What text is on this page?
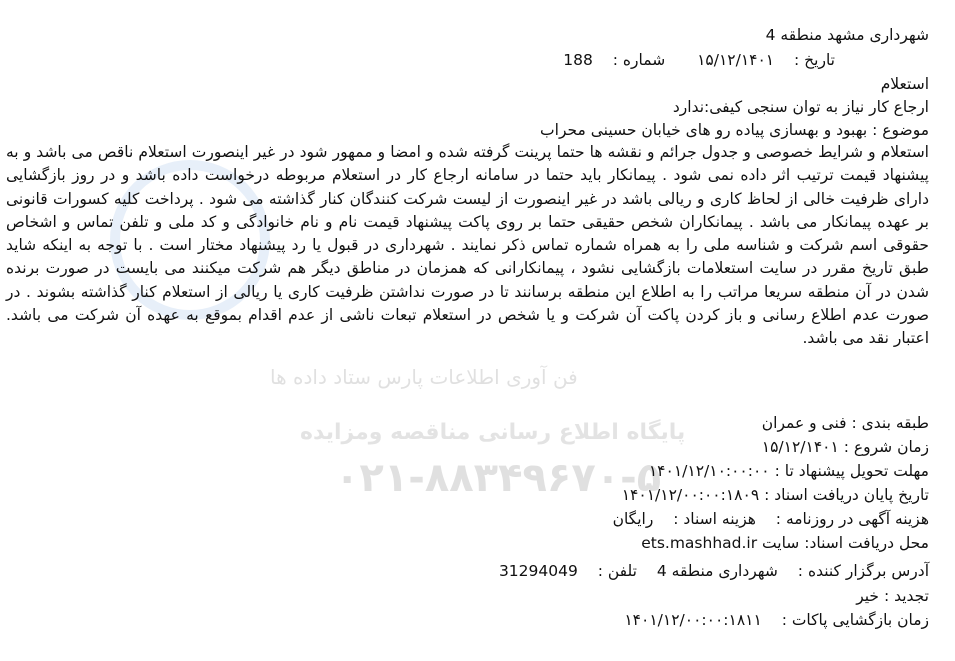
فن آوری اطلاعات پارس ستاد داده ها
پایگاه اطلاع رسانی مناقصه ومزایده
۰۲۱-۸۸۳۴۹۶۷۰-۵
شهرداری مشهد منطقه 4
تاریخ :  ۱۵/۱۲/۱۴۰۱  شماره :  188
استعلام
ارجاع کار نیاز به توان سنجی کیفی:ندارد
موضوع : بهبود و بهسازی پیاده رو های خیابان حسینی محراب
استعلام و شرایط خصوصی و جدول جرائم و نقشه ها حتما پرینت گرفته شده و امضا و ممهور شود در غیر اینصورت استعلام ناقص می باشد و به پیشنهاد قیمت ترتیب اثر داده نمی شود . پیمانکار باید حتما در سامانه ارجاع کار در استعلام مربوطه درخواست داده باشد و در روز بازگشایی دارای ظرفیت خالی از لحاظ کاری و ریالی باشد در غیر اینصورت از لیست شرکت کنندگان کنار گذاشته می شود . پرداخت کلیه کسورات قانونی بر عهده پیمانکار می باشد . پیمانکاران شخص حقیقی حتما بر روی پاکت پیشنهاد قیمت نام و نام خانوادگی و کد ملی و تلفن تماس و اشخاص حقوقی اسم شرکت و شناسه ملی را به همراه شماره تماس ذکر نمایند . شهرداری در قبول یا رد پیشنهاد مختار است . با توجه به اینکه شاید طبق تاریخ مقرر در سایت استعلامات بازگشایی نشود ، پیمانکارانی که همزمان در مناطق دیگر هم شرکت میکنند می بایست در صورت برنده شدن در آن منطقه سریعا مراتب را به اطلاع این منطقه برسانند تا در صورت نداشتن ظرفیت کاری یا ریالی از استعلام کنار گذاشته بشوند . در صورت عدم اطلاع رسانی و باز کردن پاکت آن شرکت و یا شخص در استعلام تبعات ناشی از عدم اقدام بموقع به عهده آن شرکت می باشد. اعتبار نقد می باشد.
طبقه بندی : فنی و عمران
زمان شروع : ۱۵/۱۲/۱۴۰۱
مهلت تحویل پیشنهاد تا : ۱۴۰۱/۱۲/۱۰:۰۰:۰۰
تاریخ پایان دریافت اسناد : ۱۴۰۱/۱۲/۰۰:۰۰:۱۸۰۹
هزینه آگهی در روزنامه :  هزینه اسناد :  رایگان
محل دریافت اسناد: سایت ets.mashhad.ir
آدرس برگزار کننده :  شهرداری منطقه 4  تلفن :  31294049
تجدید : خیر
زمان بازگشایی پاکات :  ۱۴۰۱/۱۲/۰۰:۰۰:۱۸۱۱
